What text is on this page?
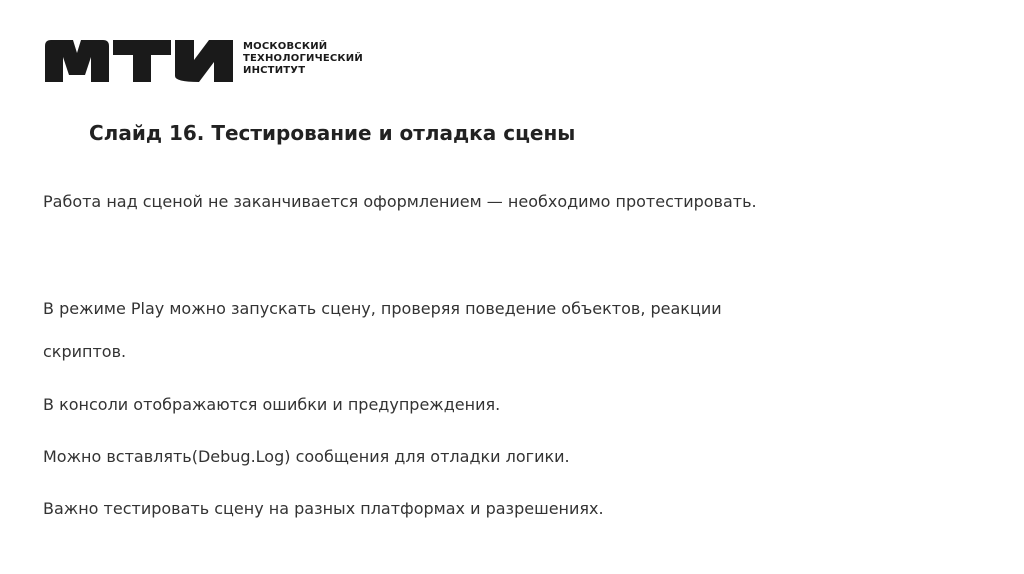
МОСКОВСКИЙ
ТЕХНОЛОГИЧЕСКИЙ
ИНСТИТУТ
Слайд 16. Тестирование и отладка сцены

Работа над сценой не заканчивается оформлением — необходимо протестировать.

В режиме Play можно запускать сцену, проверяя поведение объектов, реакции

скриптов.

В консоли отображаются ошибки и предупреждения.

Можно вставлять(Debug.Log) сообщения для отладки логики.

Важно тестировать сцену на разных платформах и разрешениях.
